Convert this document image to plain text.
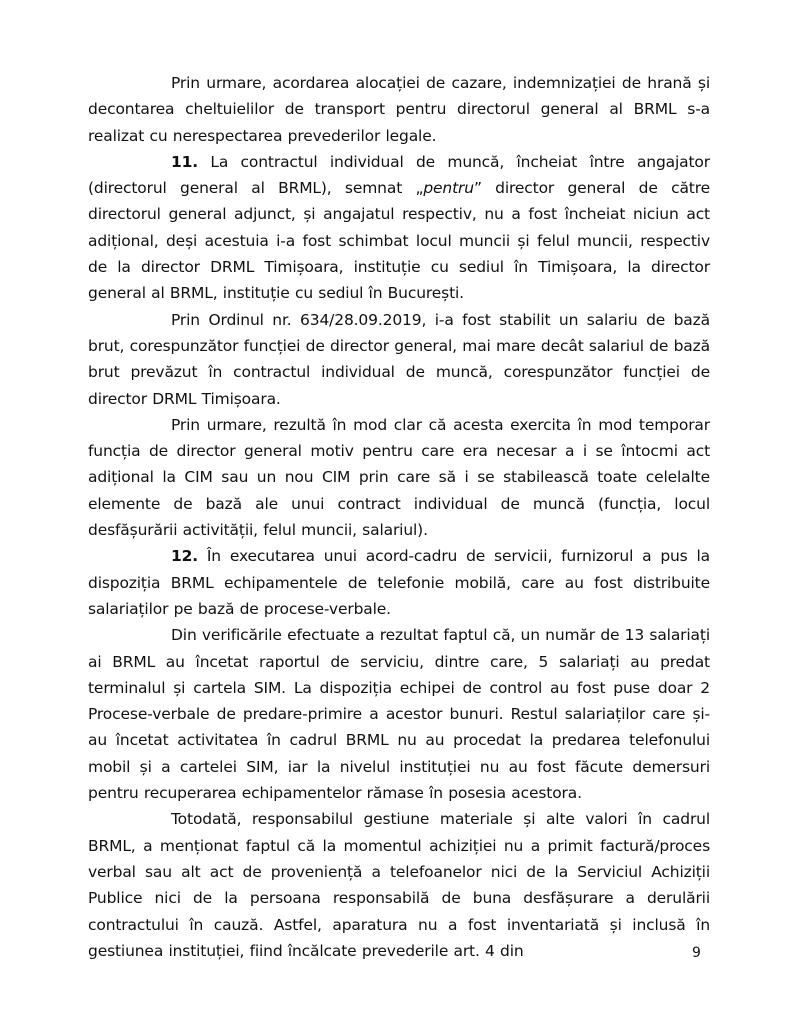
Prin urmare, acordarea alocației de cazare, indemnizației de hrană și decontarea cheltuielilor de transport pentru directorul general al BRML s-a realizat cu nerespectarea prevederilor legale.

11. La contractul individual de muncă, încheiat între angajator (directorul general al BRML), semnat „pentru” director general de către directorul general adjunct, și angajatul respectiv, nu a fost încheiat niciun act adițional, deși acestuia i-a fost schimbat locul muncii și felul muncii, respectiv de la director DRML Timișoara, instituție cu sediul în Timișoara, la director general al BRML, instituție cu sediul în București.

Prin Ordinul nr. 634/28.09.2019, i-a fost stabilit un salariu de bază brut, corespunzător funcției de director general, mai mare decât salariul de bază brut prevăzut în contractul individual de muncă, corespunzător funcției de director DRML Timișoara.

Prin urmare, rezultă în mod clar că acesta exercita în mod temporar funcția de director general motiv pentru care era necesar a i se întocmi act adițional la CIM sau un nou CIM prin care să i se stabilească toate celelalte elemente de bază ale unui contract individual de muncă (funcția, locul desfășurării activității, felul muncii, salariul).

12. În executarea unui acord-cadru de servicii, furnizorul a pus la dispoziția BRML echipamentele de telefonie mobilă, care au fost distribuite salariaților pe bază de procese-verbale.

Din verificările efectuate a rezultat faptul că, un număr de 13 salariați ai BRML au încetat raportul de serviciu, dintre care, 5 salariați au predat terminalul și cartela SIM. La dispoziția echipei de control au fost puse doar 2 Procese-verbale de predare-primire a acestor bunuri. Restul salariaților care și-au încetat activitatea în cadrul BRML nu au procedat la predarea telefonului mobil și a cartelei SIM, iar la nivelul instituției nu au fost făcute demersuri pentru recuperarea echipamentelor rămase în posesia acestora.

Totodată, responsabilul gestiune materiale și alte valori în cadrul BRML, a menționat faptul că la momentul achiziției nu a primit factură/proces verbal sau alt act de proveniență a telefoanelor nici de la Serviciul Achiziții Publice nici de la persoana responsabilă de buna desfășurare a derulării contractului în cauză. Astfel, aparatura nu a fost inventariată și inclusă în gestiunea instituției, fiind încălcate prevederile art. 4 din	9
